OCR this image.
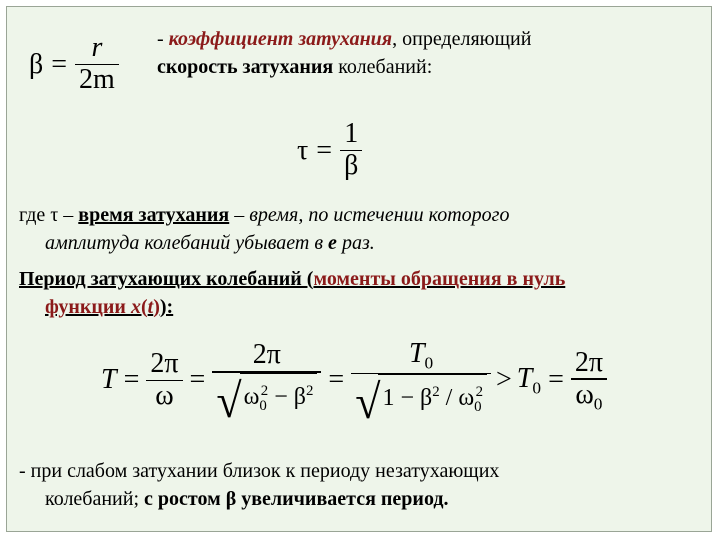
$\beta = \frac{r}{2m}$ - коэффициент затухания, определяющий
скорость затухания колебаний:
$\tau = \frac{1}{\beta}$
где τ – время затухания – время, по истечении которого
амплитуда колебаний убывает в е раз.
Период затухающих колебаний (моменты обращения в нуль
функции x(t)):
$T = \frac{2\pi}{\omega} = \frac{2\pi}{√ \omega_0^2 - \beta^2} = \frac{T_0}{√ 1 - \beta^2 / \omega_0^2} > T_0 = \frac{2\pi}{\omega_0}$
- при слабом затухании близок к периоду незатухающих
колебаний; с ростом β увеличивается период.
